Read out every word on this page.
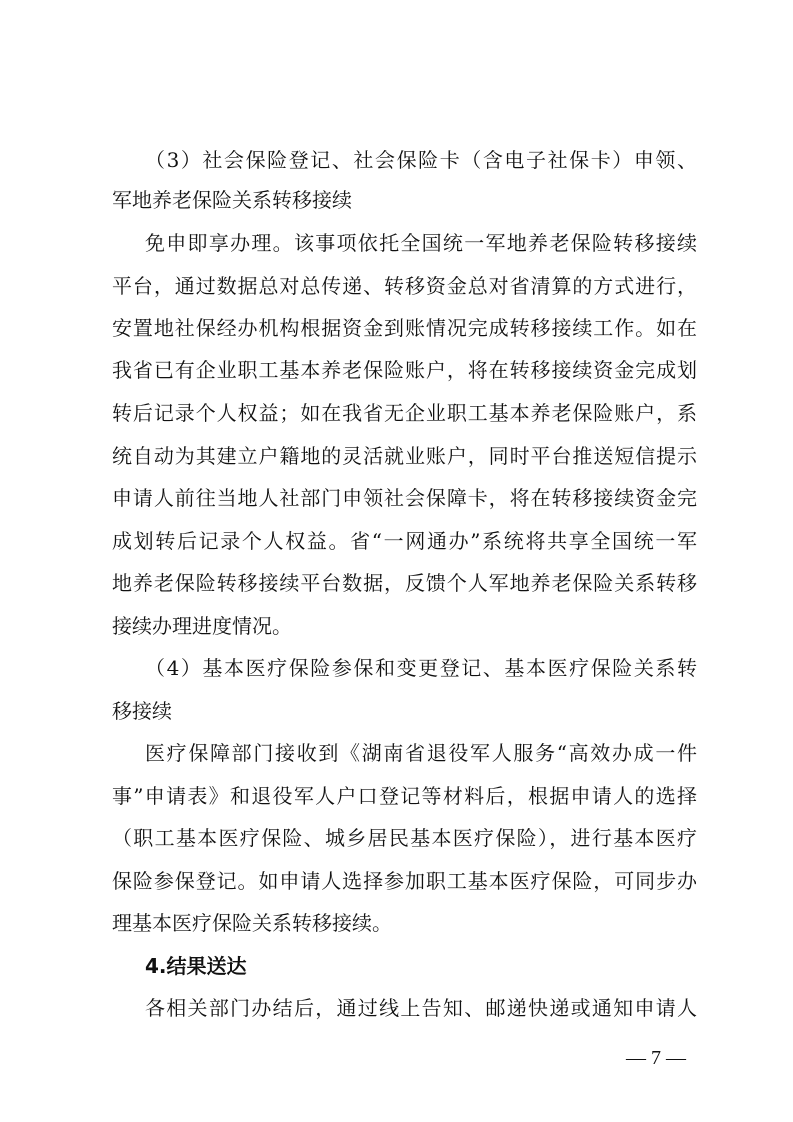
（3）社会保险登记、社会保险卡（含电子社保卡）申领、
军地养老保险关系转移接续
免申即享办理。该事项依托全国统一军地养老保险转移接续
平台，通过数据总对总传递、转移资金总对省清算的方式进行，
安置地社保经办机构根据资金到账情况完成转移接续工作。如在
我省已有企业职工基本养老保险账户，将在转移接续资金完成划
转后记录个人权益；如在我省无企业职工基本养老保险账户，系
统自动为其建立户籍地的灵活就业账户，同时平台推送短信提示
申请人前往当地人社部门申领社会保障卡，将在转移接续资金完
成划转后记录个人权益。省“一网通办”系统将共享全国统一军
地养老保险转移接续平台数据，反馈个人军地养老保险关系转移
接续办理进度情况。
（4）基本医疗保险参保和变更登记、基本医疗保险关系转
移接续
医疗保障部门接收到《湖南省退役军人服务“高效办成一件
事”申请表》和退役军人户口登记等材料后，根据申请人的选择
（职工基本医疗保险、城乡居民基本医疗保险），进行基本医疗
保险参保登记。如申请人选择参加职工基本医疗保险，可同步办
理基本医疗保险关系转移接续。
4.结果送达
各相关部门办结后，通过线上告知、邮递快递或通知申请人
— 7 —
